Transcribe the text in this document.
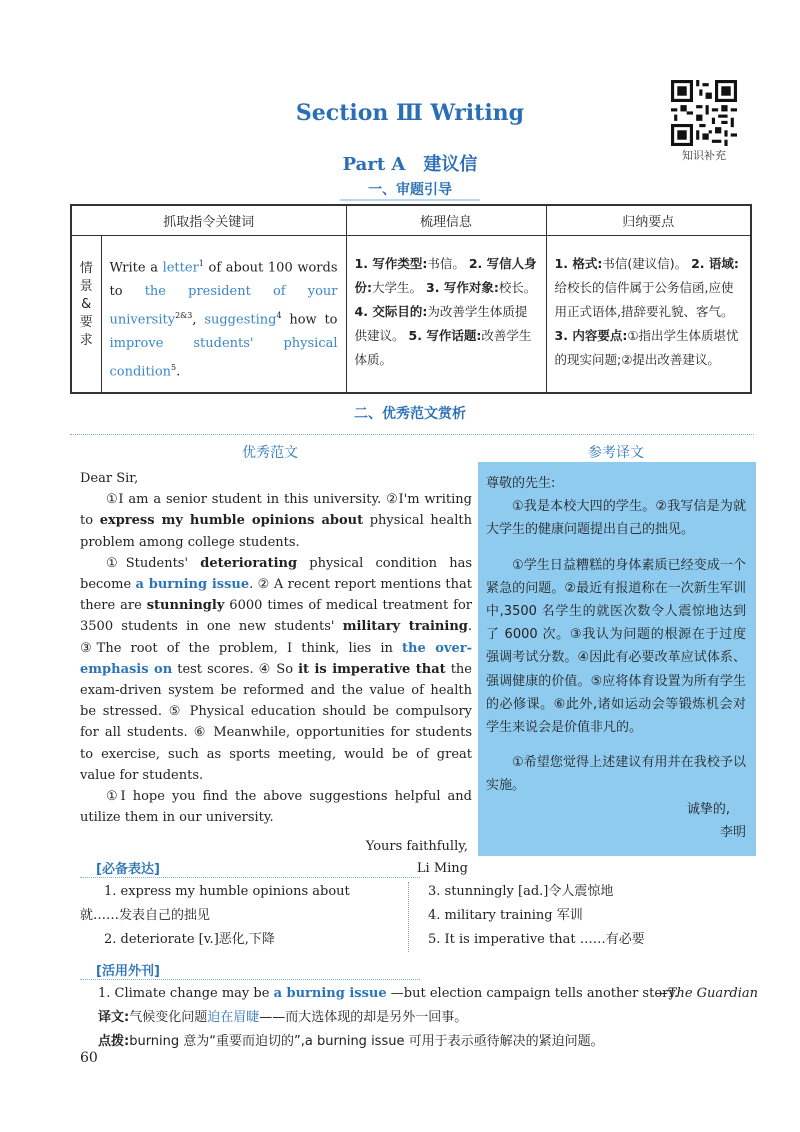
Section Ⅲ Writing
知识补充
Part A　建议信
一、审题引导
抓取指令关键词		梳理信息	归纳要点

情
景
&
要
求	Write a letter$^1$ of about 100 words to the president of your university$^{2\&3}$, suggesting$^4$ how to improve students' physical condition$^5$.	1. 写作类型:书信。 2. 写信人身份:大学生。 3. 写作对象:校长。 4. 交际目的:为改善学生体质提供建议。 5. 写作话题:改善学生体质。	1. 格式:书信(建议信)。 2. 语域:给校长的信件属于公务信函,应使用正式语体,措辞要礼貌、客气。 3. 内容要点:①指出学生体质堪忧的现实问题;②提出改善建议。
二、优秀范文赏析
优秀范文	参考译文

Dear Sir,

①I am a senior student in this university. ②I'm writing to express my humble opinions about physical health problem among college students.

①Students' deteriorating physical condition has become a burning issue. ② A recent report mentions that there are stunningly 6000 times of medical treatment for 3500 students in one new students' military training. ③The root of the problem, I think, lies in the over-emphasis on test scores. ④ So it is imperative that the exam-driven system be reformed and the value of health be stressed. ⑤ Physical education should be compulsory for all students. ⑥ Meanwhile, opportunities for students to exercise, such as sports meeting, would be of great value for students.

①I hope you find the above suggestions helpful and utilize them in our university.

Yours faithfully,

Li Ming

尊敬的先生:

①我是本校大四的学生。②我写信是为就大学生的健康问题提出自己的拙见。

①学生日益糟糕的身体素质已经变成一个紧急的问题。②最近有报道称在一次新生军训中,3500 名学生的就医次数令人震惊地达到了 6000 次。③我认为问题的根源在于过度强调考试分数。④因此有必要改革应试体系、强调健康的价值。⑤应将体育设置为所有学生的必修课。⑥此外,诸如运动会等锻炼机会对学生来说会是价值非凡的。

①希望您觉得上述建议有用并在我校予以实施。

诚挚的,

李明

[必备表达]
1. express my humble opinions about 就……发表自己的拙见
2. deteriorate [v.]恶化,下降
3. stunningly [ad.]令人震惊地
4. military training 军训
5. It is imperative that ……有必要
[活用外刊]
1. Climate change may be a burning issue —but election campaign tells another story.
—The Guardian
译文:气候变化问题迫在眉睫——而大选体现的却是另外一回事。
点拨:burning 意为“重要而迫切的”,a burning issue 可用于表示亟待解决的紧迫问题。
60
